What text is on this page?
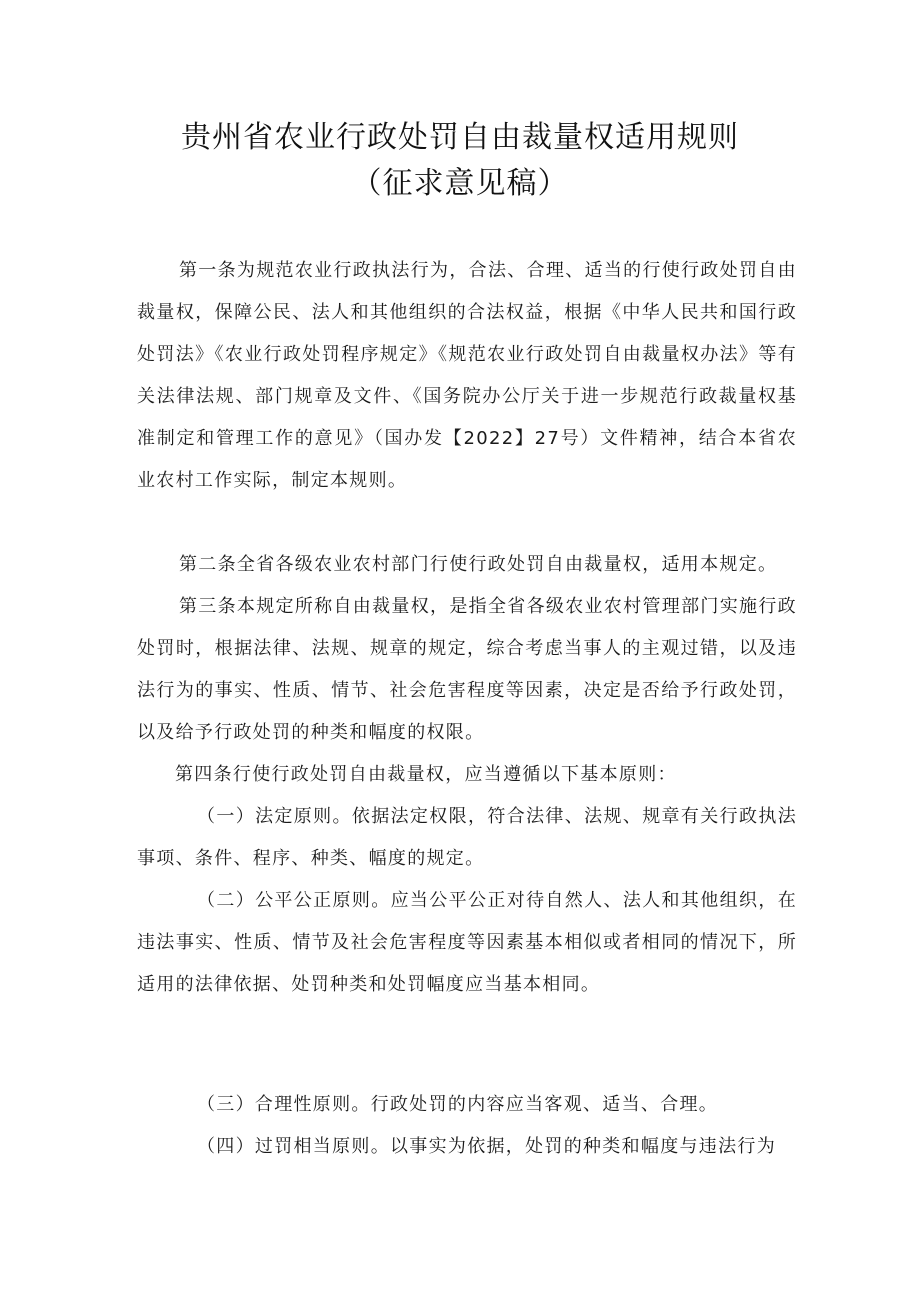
贵州省农业行政处罚自由裁量权适用规则
（征求意见稿）

第一条为规范农业行政执法行为，合法、合理、适当的行使行政处罚自由裁量权，保障公民、法人和其他组织的合法权益，根据《中华人民共和国行政处罚法》《农业行政处罚程序规定》《规范农业行政处罚自由裁量权办法》等有关法律法规、部门规章及文件、《国务院办公厅关于进一步规范行政裁量权基准制定和管理工作的意见》（国办发【2022】27号）文件精神，结合本省农业农村工作实际，制定本规则。

第二条全省各级农业农村部门行使行政处罚自由裁量权，适用本规定。

第三条本规定所称自由裁量权，是指全省各级农业农村管理部门实施行政处罚时，根据法律、法规、规章的规定，综合考虑当事人的主观过错，以及违法行为的事实、性质、情节、社会危害程度等因素，决定是否给予行政处罚，以及给予行政处罚的种类和幅度的权限。

第四条行使行政处罚自由裁量权，应当遵循以下基本原则：

（一）法定原则。依据法定权限，符合法律、法规、规章有关行政执法事项、条件、程序、种类、幅度的规定。

（二）公平公正原则。应当公平公正对待自然人、法人和其他组织，在违法事实、性质、情节及社会危害程度等因素基本相似或者相同的情况下，所适用的法律依据、处罚种类和处罚幅度应当基本相同。

（三）合理性原则。行政处罚的内容应当客观、适当、合理。

（四）过罚相当原则。以事实为依据，处罚的种类和幅度与违法行为
